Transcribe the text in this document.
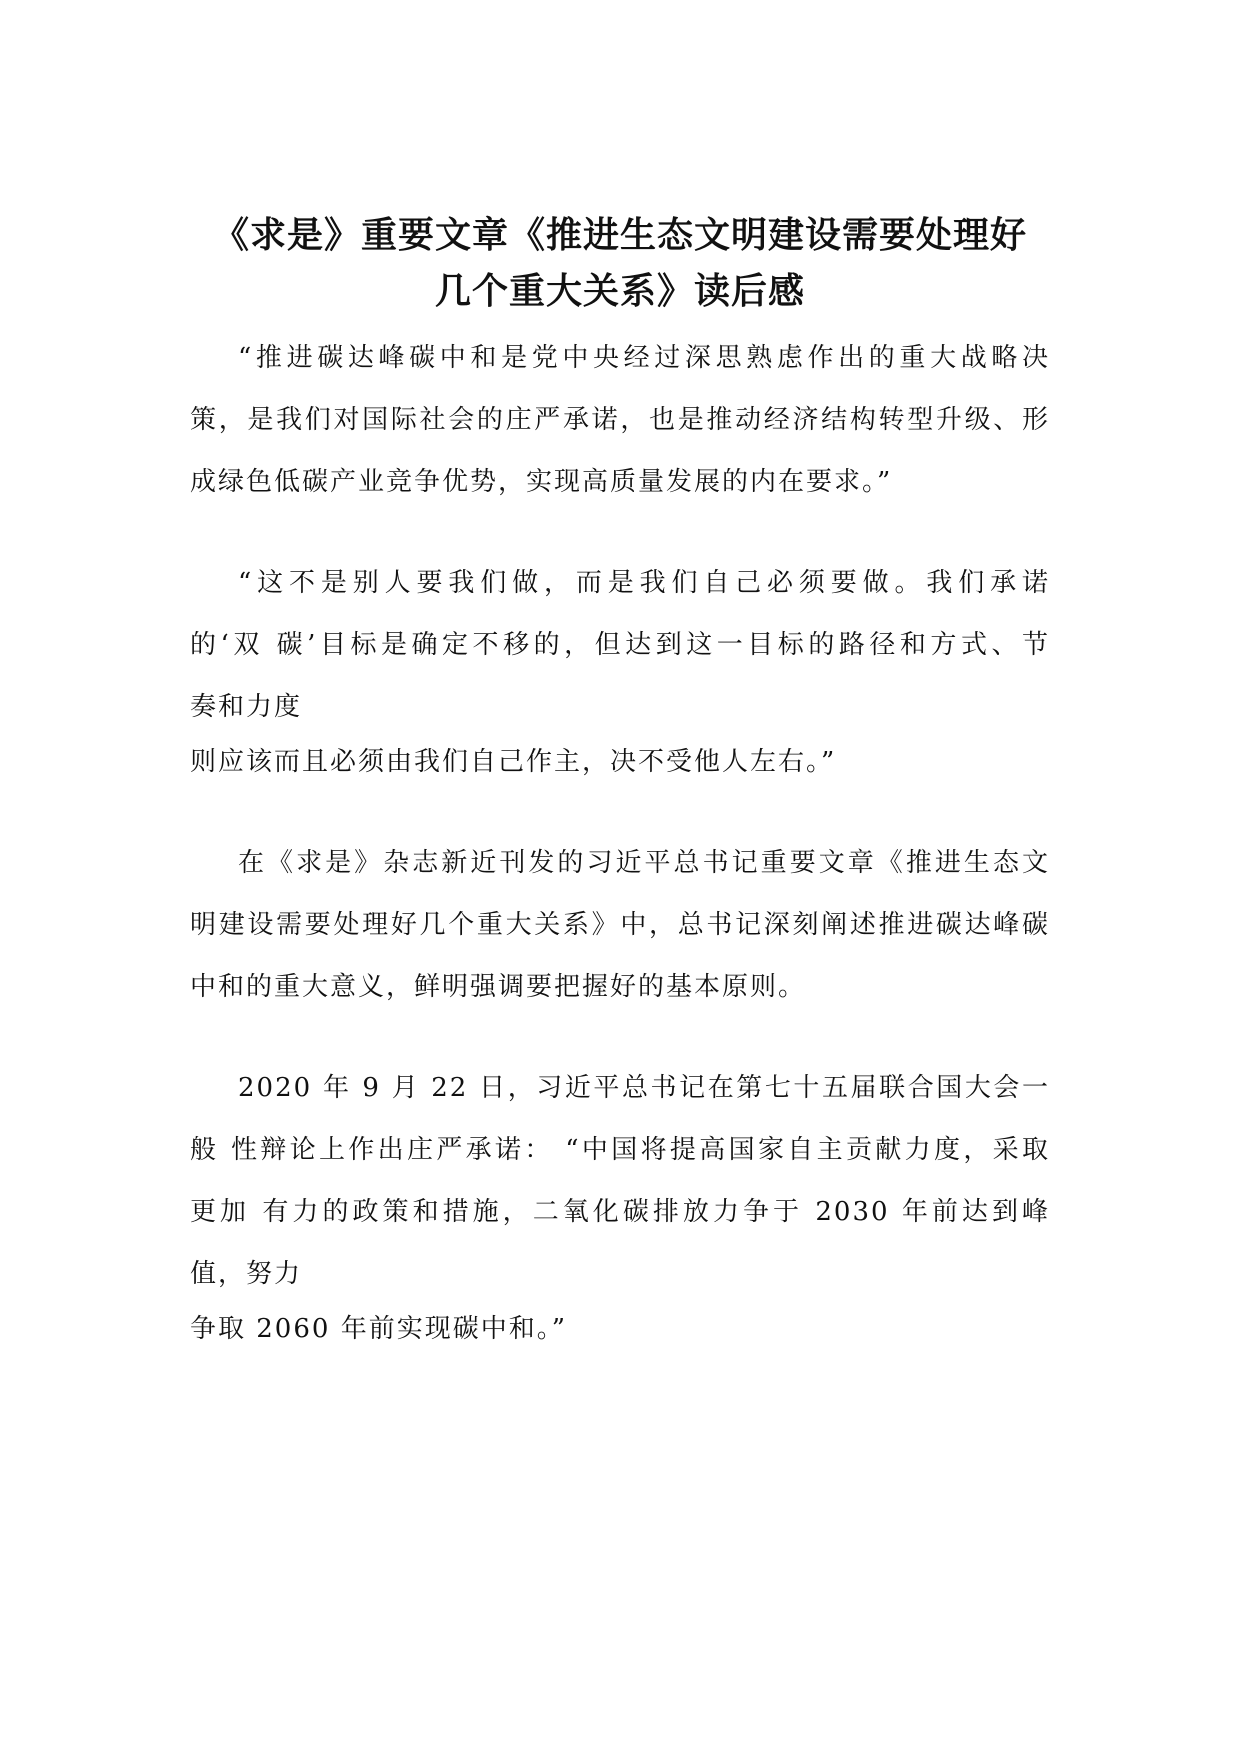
《求是》重要文章《推进生态文明建设需要处理好
几个重大关系》读后感

“推进碳达峰碳中和是党中央经过深思熟虑作出的重大战略决

策，是我们对国际社会的庄严承诺，也是推动经济结构转型升级、形

成绿色低碳产业竞争优势，实现高质量发展的内在要求。”

“这不是别人要我们做，而是我们自己必须要做。我们承诺

的‘双 碳’目标是确定不移的，但达到这一目标的路径和方式、节

奏和力度

则应该而且必须由我们自己作主，决不受他人左右。”

在《求是》杂志新近刊发的习近平总书记重要文章《推进生态文

明建设需要处理好几个重大关系》中，总书记深刻阐述推进碳达峰碳

中和的重大意义，鲜明强调要把握好的基本原则。

2020 年 9 月 22 日，习近平总书记在第七十五届联合国大会一

般 性辩论上作出庄严承诺： “中国将提高国家自主贡献力度，采取

更加 有力的政策和措施，二氧化碳排放力争于 2030 年前达到峰

值，努力

争取 2060 年前实现碳中和。”
